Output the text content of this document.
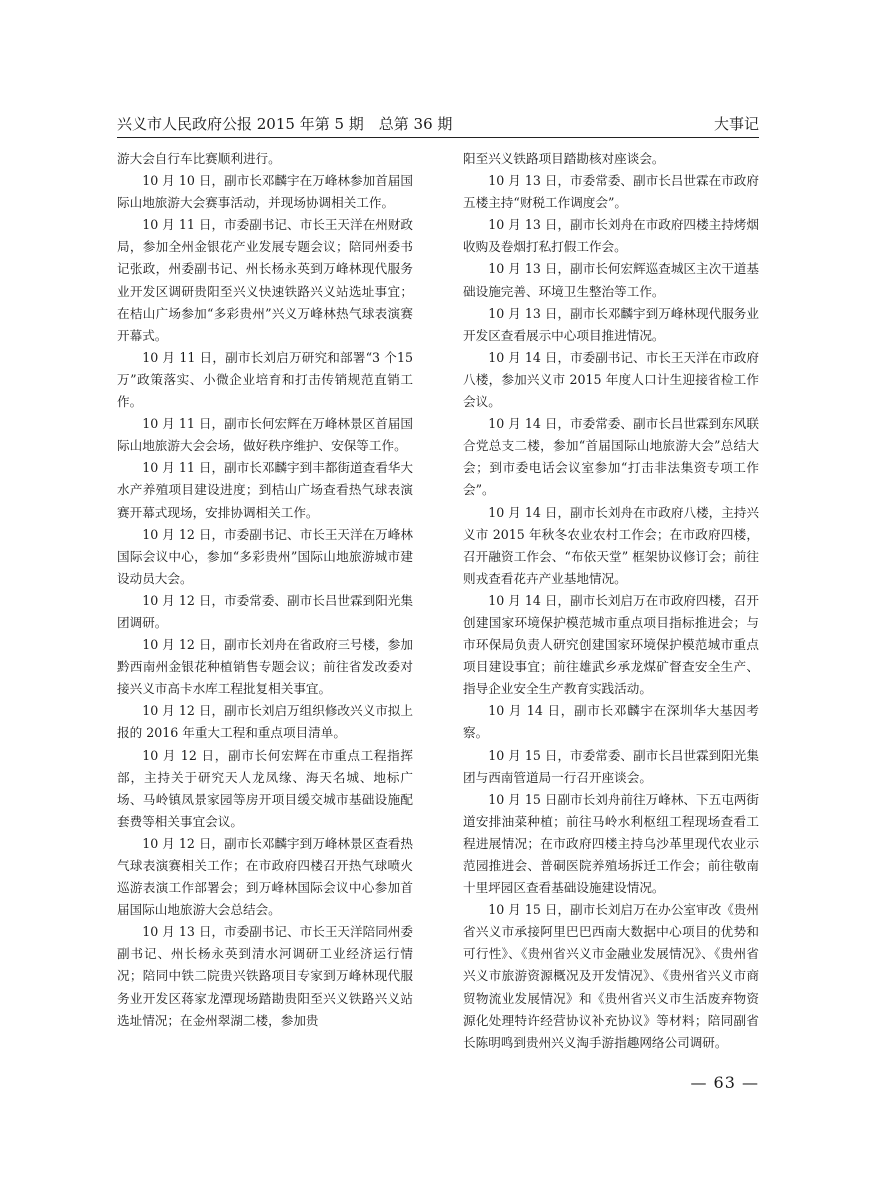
兴义市人民政府公报 2015 年第 5 期　总第 36 期	大事记

游大会自行车比赛顺利进行。

10 月 10 日，副市长邓麟宇在万峰林参加首届国际山地旅游大会赛事活动，并现场协调相关工作。

10 月 11 日，市委副书记、市长王天洋在州财政局，参加全州金银花产业发展专题会议；陪同州委书记张政，州委副书记、州长杨永英到万峰林现代服务业开发区调研贵阳至兴义快速铁路兴义站选址事宜；在桔山广场参加“多彩贵州”兴义万峰林热气球表演赛开幕式。

10 月 11 日，副市长刘启万研究和部署“3 个15 万”政策落实、小微企业培育和打击传销规范直销工作。

10 月 11 日，副市长何宏辉在万峰林景区首届国际山地旅游大会会场，做好秩序维护、安保等工作。

10 月 11 日，副市长邓麟宇到丰都街道查看华大水产养殖项目建设进度；到桔山广场查看热气球表演赛开幕式现场，安排协调相关工作。

10 月 12 日，市委副书记、市长王天洋在万峰林国际会议中心，参加“多彩贵州”国际山地旅游城市建设动员大会。

10 月 12 日，市委常委、副市长吕世霖到阳光集团调研。

10 月 12 日，副市长刘舟在省政府三号楼，参加黔西南州金银花种植销售专题会议；前往省发改委对接兴义市高卡水库工程批复相关事宜。

10 月 12 日，副市长刘启万组织修改兴义市拟上报的 2016 年重大工程和重点项目清单。

10 月 12 日，副市长何宏辉在市重点工程指挥部，主持关于研究天人龙凤缘、海天名城、地标广场、马岭镇凤景家园等房开项目缓交城市基础设施配套费等相关事宜会议。

10 月 12 日，副市长邓麟宇到万峰林景区查看热气球表演赛相关工作；在市政府四楼召开热气球喷火巡游表演工作部署会；到万峰林国际会议中心参加首届国际山地旅游大会总结会。

10 月 13 日，市委副书记、市长王天洋陪同州委副书记、州长杨永英到清水河调研工业经济运行情况；陪同中铁二院贵兴铁路项目专家到万峰林现代服务业开发区蒋家龙潭现场踏勘贵阳至兴义铁路兴义站选址情况；在金州翠湖二楼，参加贵

阳至兴义铁路项目踏勘核对座谈会。

10 月 13 日，市委常委、副市长吕世霖在市政府五楼主持“财税工作调度会”。

10 月 13 日，副市长刘舟在市政府四楼主持烤烟收购及卷烟打私打假工作会。

10 月 13 日，副市长何宏辉巡查城区主次干道基础设施完善、环境卫生整治等工作。

10 月 13 日，副市长邓麟宇到万峰林现代服务业开发区查看展示中心项目推进情况。

10 月 14 日，市委副书记、市长王天洋在市政府八楼，参加兴义市 2015 年度人口计生迎接省检工作会议。

10 月 14 日，市委常委、副市长吕世霖到东风联合党总支二楼，参加“首届国际山地旅游大会”总结大会；到市委电话会议室参加“打击非法集资专项工作会”。

10 月 14 日，副市长刘舟在市政府八楼，主持兴义市 2015 年秋冬农业农村工作会；在市政府四楼，召开融资工作会、“布依天堂” 框架协议修订会；前往则戎查看花卉产业基地情况。

10 月 14 日，副市长刘启万在市政府四楼，召开创建国家环境保护模范城市重点项目指标推进会；与市环保局负责人研究创建国家环境保护模范城市重点项目建设事宜；前往雄武乡承龙煤矿督查安全生产、指导企业安全生产教育实践活动。

10 月 14 日，副市长邓麟宇在深圳华大基因考察。

10 月 15 日，市委常委、副市长吕世霖到阳光集团与西南管道局一行召开座谈会。

10 月 15 日副市长刘舟前往万峰林、下五屯两街道安排油菜种植；前往马岭水利枢纽工程现场查看工程进展情况；在市政府四楼主持乌沙革里现代农业示范园推进会、普硐医院养殖场拆迁工作会；前往敬南十里坪园区查看基础设施建设情况。

10 月 15 日，副市长刘启万在办公室审改《贵州省兴义市承接阿里巴巴西南大数据中心项目的优势和可行性》、《贵州省兴义市金融业发展情况》、《贵州省兴义市旅游资源概况及开发情况》、《贵州省兴义市商贸物流业发展情况》和《贵州省兴义市生活废弃物资源化处理特许经营协议补充协议》等材料；陪同副省长陈明鸣到贵州兴义淘手游指趣网络公司调研。

— 63 —
